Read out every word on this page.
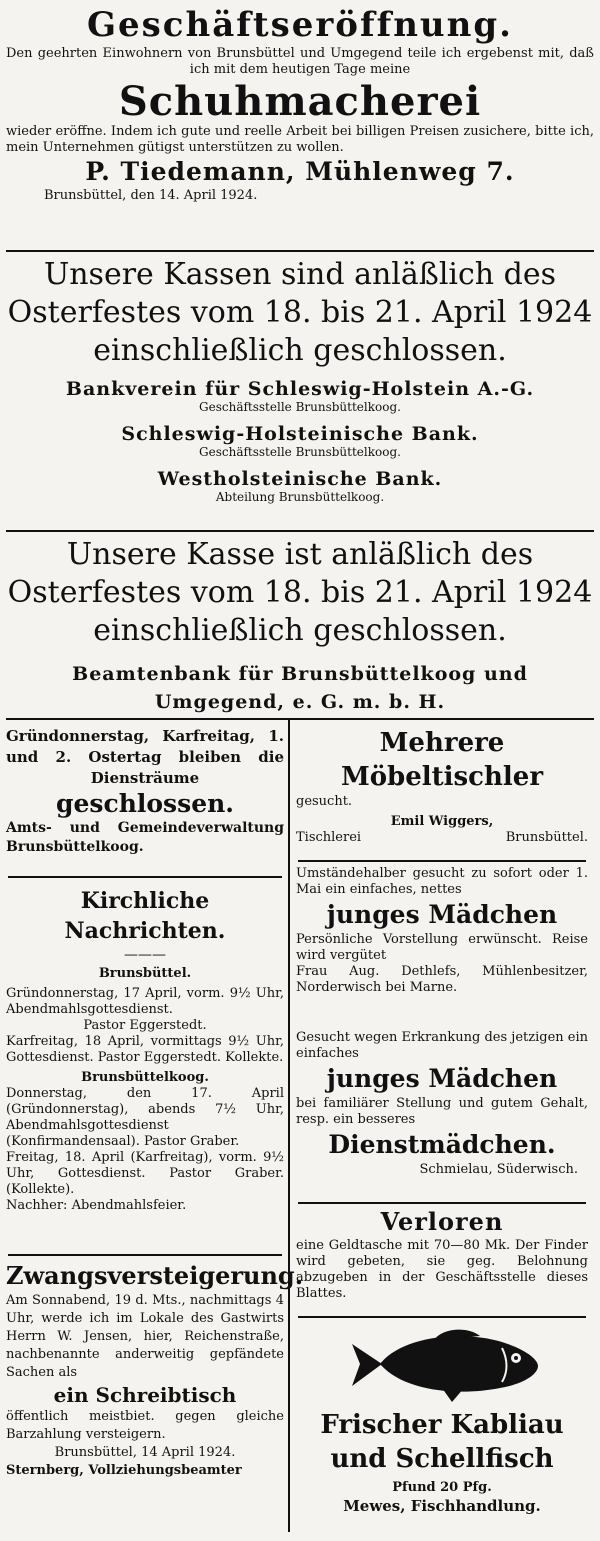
Geschäftseröffnung.
Den geehrten Einwohnern von Brunsbüttel und Umgegend teile ich ergebenst mit, daß ich mit dem heutigen Tage meine
Schuhmacherei
wieder eröffne. Indem ich gute und reelle Arbeit bei billigen Preisen zusichere, bitte ich, mein Unternehmen gütigst unterstützen zu wollen.
P. Tiedemann, Mühlenweg 7.
Brunsbüttel, den 14. April 1924.
Unsere Kassen sind anläßlich des Osterfestes vom 18. bis 21. April 1924 einschließlich geschlossen.
Bankverein für Schleswig-Holstein A.-G.
Geschäftsstelle Brunsbüttelkoog.
Schleswig-Holsteinische Bank.
Geschäftsstelle Brunsbüttelkoog.
Westholsteinische Bank.
Abteilung Brunsbüttelkoog.
Unsere Kasse ist anläßlich des Osterfestes vom 18. bis 21. April 1924 einschließlich geschlossen.
Beamtenbank für Brunsbüttelkoog und Umgegend, e. G. m. b. H.
Gründonnerstag, Karfreitag, 1. und 2. Ostertag bleiben die Diensträume
geschlossen.
Amts- und Gemeindeverwaltung Brunsbüttelkoog.
Kirchliche Nachrichten.
———
Brunsbüttel.
Gründonnerstag, 17 April, vorm. 9½ Uhr, Abendmahlsgottesdienst.
Pastor Eggerstedt.
Karfreitag, 18 April, vormittags 9½ Uhr, Gottesdienst. Pastor Eggerstedt. Kollekte.
Brunsbüttelkoog.
Donnerstag, den 17. April (Gründonnerstag), abends 7½ Uhr, Abendmahlsgottesdienst (Konfirmandensaal). Pastor Graber.
Freitag, 18. April (Karfreitag), vorm. 9½ Uhr, Gottesdienst. Pastor Graber. (Kollekte).
Nachher: Abendmahlsfeier.
Zwangsversteigerung.
Am Sonnabend, 19 d. Mts., nachmittags 4 Uhr, werde ich im Lokale des Gastwirts Herrn W. Jensen, hier, Reichenstraße, nachbenannte anderweitig gepfändete Sachen als
ein Schreibtisch
öffentlich meistbiet. gegen gleiche Barzahlung versteigern.
Brunsbüttel, 14 April 1924.
Sternberg, Vollziehungsbeamter
Mehrere
Möbeltischler
gesucht.
Emil Wiggers,
Tischlerei	Brunsbüttel.
Umständehalber gesucht zu sofort oder 1. Mai ein einfaches, nettes
junges Mädchen
Persönliche Vorstellung erwünscht. Reise wird vergütet
Frau Aug. Dethlefs, Mühlenbesitzer, Norderwisch bei Marne.
Gesucht wegen Erkrankung des jetzigen ein einfaches
junges Mädchen
bei familiärer Stellung und gutem Gehalt, resp. ein besseres
Dienstmädchen.
Schmielau, Süderwisch.
Verloren
eine Geldtasche mit 70—80 Mk. Der Finder wird gebeten, sie geg. Belohnung abzugeben in der Geschäftsstelle dieses Blattes.
Frischer Kabliau
und Schellfisch
Pfund 20 Pfg.
Mewes, Fischhandlung.
